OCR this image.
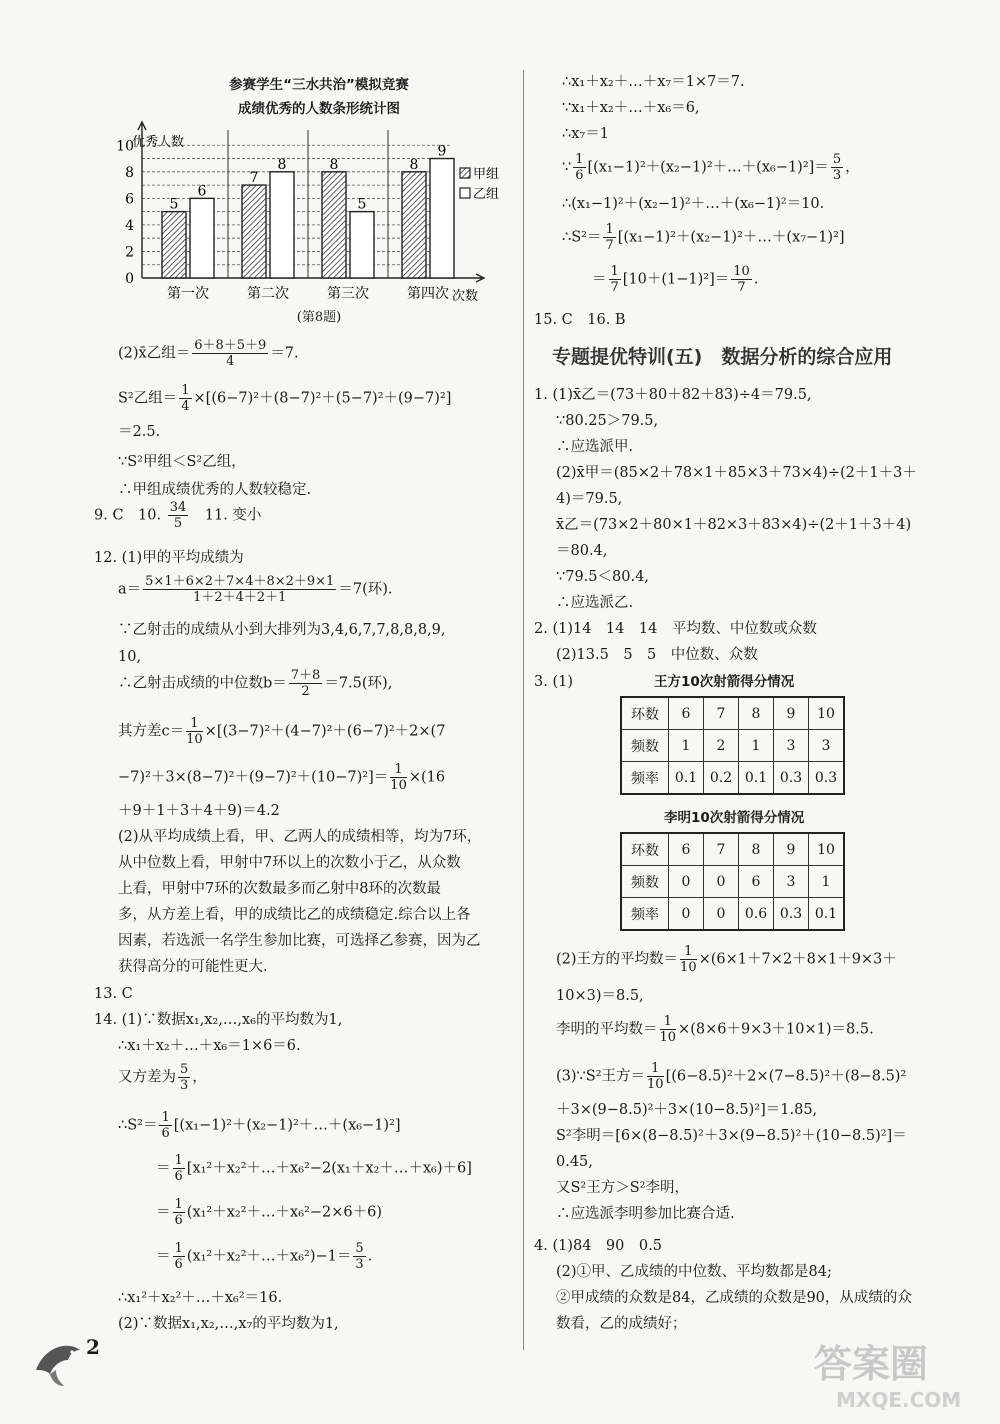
参赛学生“三水共治”模拟竞赛
成绩优秀的人数条形统计图
优秀人数
次数
0
2
4
6
8
10
5
6
第一次
7
8
第二次
8
5
第三次
8
9
第四次
甲组
乙组
(第8题)
(2)x̄乙组＝ $\frac{6+8+5+9}{4} =7$.
S²乙组＝ $\frac{1}{4} \times[(6-7)^2+(8-7)^2+(5-7)^2+(9-7)^2]$
＝2.5.
∵S²甲组＜S²乙组，
∴甲组成绩优秀的人数较稳定.
9. C　10. $\frac{34}{5}$ 　11. 变小
12. (1)甲的平均成绩为
$a= \frac{5\times 1+6\times 2+7\times 4+8\times 2+9\times 1}{1+2+4+2+1} =7$(环).
∵乙射击的成绩从小到大排列为3,4,6,7,7,8,8,8,9,
10,
∴乙射击成绩的中位数$b= \frac{7+8}{2} =7.5$(环),
其方差$c= \frac{1}{10} \times[(3-7)^2+(4-7)^2+(6-7)^2+2\times(7$
$-7)^2+3\times(8-7)^2+(9-7)^2+(10-7)^2]= \frac{1}{10} \times(16$
＋9＋1＋3＋4＋9)＝4.2
(2)从平均成绩上看，甲、乙两人的成绩相等，均为7环，
从中位数上看，甲射中7环以上的次数小于乙，从众数
上看，甲射中7环的次数最多而乙射中8环的次数最
多，从方差上看，甲的成绩比乙的成绩稳定.综合以上各
因素，若选派一名学生参加比赛，可选择乙参赛，因为乙
获得高分的可能性更大.
13. C
14. (1)∵数据x₁,x₂,…,x₆的平均数为1,
∴x₁＋x₂＋…＋x₆＝1×6＝6.
又方差为 $\frac{5}{3}$ ，
∴S²＝ $\frac{1}{6}$ [(x₁−1)²＋(x₂−1)²＋…＋(x₆−1)²]
＝ $\frac{1}{6}$ [x₁²＋x₂²＋…＋x₆²−2(x₁＋x₂＋…＋x₆)＋6]
＝ $\frac{1}{6}$ (x₁²＋x₂²＋…＋x₆²−2×6＋6)
＝ $\frac{1}{6}$ (x₁²＋x₂²＋…＋x₆²)−1＝ $\frac{5}{3}$ .
∴x₁²＋x₂²＋…＋x₆²＝16.
(2)∵数据x₁,x₂,…,x₇的平均数为1,
∴x₁＋x₂＋…＋x₇＝1×7＝7.
∵x₁＋x₂＋…＋x₆＝6,
∴x₇＝1
∵ $\frac{1}{6}$ [(x₁−1)²＋(x₂−1)²＋…＋(x₆−1)²]＝ $\frac{5}{3}$ ，
∴(x₁−1)²＋(x₂−1)²＋…＋(x₆−1)²＝10.
∴S²＝ $\frac{1}{7}$ [(x₁−1)²＋(x₂−1)²＋…＋(x₇−1)²]
＝ $\frac{1}{7} [10+(1-1)^2]= \frac{10}{7}$ .
15. C　16. B
专题提优特训(五)　数据分析的综合应用
1. (1)x̄乙＝(73＋80＋82＋83)÷4＝79.5,
∵80.25＞79.5,
∴应选派甲.
(2)x̄甲＝(85×2＋78×1＋85×3＋73×4)÷(2＋1＋3＋
4)＝79.5,
x̄乙＝(73×2＋80×1＋82×3＋83×4)÷(2＋1＋3＋4)
＝80.4,
∵79.5＜80.4,
∴应选派乙.
2. (1)14　14　14　平均数、中位数或众数
(2)13.5　5　5　中位数、众数
3. (1)	王方10次射箭得分情况
环数	6	7	8	9	10
频数	1	2	1	3	3
频率	0.1	0.2	0.1	0.3	0.3
李明10次射箭得分情况
环数	6	7	8	9	10
频数	0	0	6	3	1
频率	0	0	0.6	0.3	0.1
(2)王方的平均数＝ $\frac{1}{10} \times(6\times 1+7\times 2+8\times 1+9\times 3+$
10×3)＝8.5,
李明的平均数＝ $\frac{1}{10} \times(8\times 6+9\times 3+10\times 1)=8.5$.
(3)∵S²王方＝ $\frac{1}{10} [(6-8.5)^2+2\times(7-8.5)^2+(8-8.5)^2$
＋3×(9−8.5)²＋3×(10−8.5)²]＝1.85,
S²李明＝[6×(8−8.5)²＋3×(9−8.5)²＋(10−8.5)²]＝
0.45,
又S²王方＞S²李明，
∴应选派李明参加比赛合适.
4. (1)84　90　0.5
(2)①甲、乙成绩的中位数、平均数都是84;
②甲成绩的众数是84，乙成绩的众数是90，从成绩的众
数看，乙的成绩好；
2	答案圈
MXQE.COM
